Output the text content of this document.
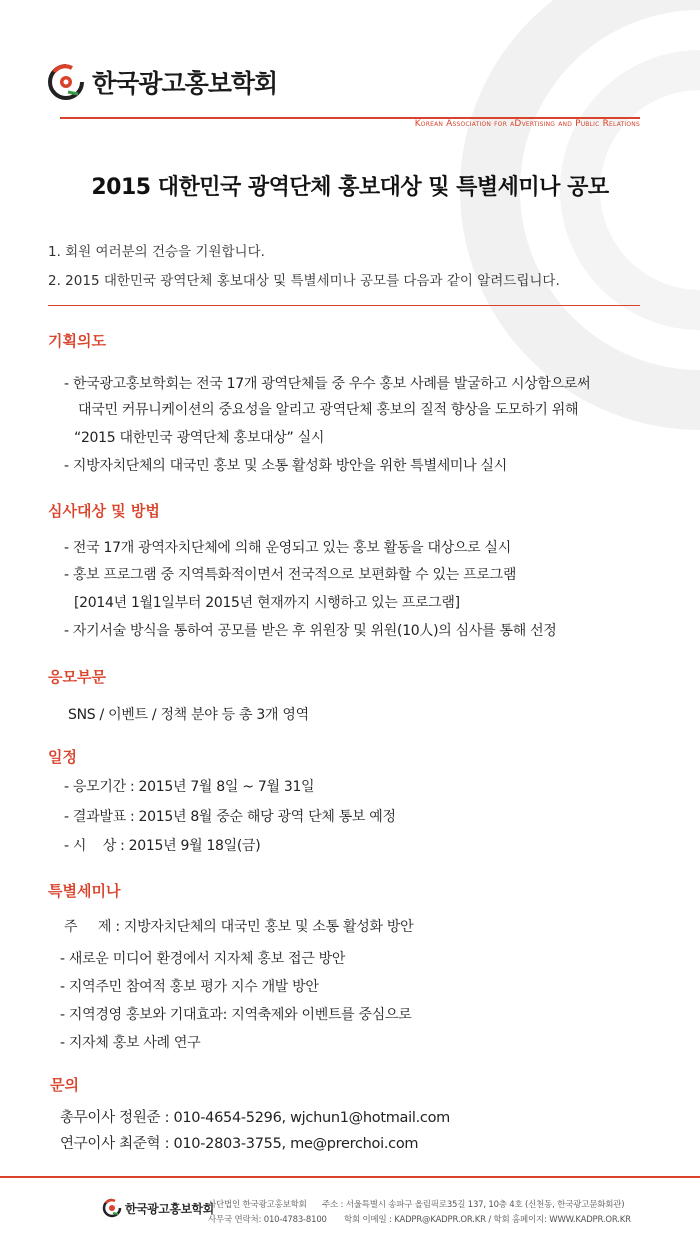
한국광고홍보학회
Korean Association for aDvertising and Public Relations
2015 대한민국 광역단체 홍보대상 및 특별세미나 공모
1. 회원 여러분의 건승을 기원합니다.
2. 2015 대한민국 광역단체 홍보대상 및 특별세미나 공모를 다음과 같이 알려드립니다.
기획의도
- 한국광고홍보학회는 전국 17개 광역단체들 중 우수 홍보 사례를 발굴하고 시상함으로써
대국민 커뮤니케이션의 중요성을 알리고 광역단체 홍보의 질적 향상을 도모하기 위해
“2015 대한민국 광역단체 홍보대상” 실시
- 지방자치단체의 대국민 홍보 및 소통 활성화 방안을 위한 특별세미나 실시
심사대상 및 방법
- 전국 17개 광역자치단체에 의해 운영되고 있는 홍보 활동을 대상으로 실시
- 홍보 프로그램 중 지역특화적이면서 전국적으로 보편화할 수 있는 프로그램
[2014년 1월1일부터 2015년 현재까지 시행하고 있는 프로그램]
- 자기서술 방식을 통하여 공모를 받은 후 위원장 및 위원(10人)의 심사를 통해 선정
응모부문
SNS / 이벤트 / 정책 분야 등 총 3개 영역
일정
- 응모기간 : 2015년 7월 8일 ~ 7월 31일
- 결과발표 : 2015년 8월 중순 해당 광역 단체 통보 예정
- 시    상 : 2015년 9월 18일(금)
특별세미나
주     제 : 지방자치단체의 대국민 홍보 및 소통 활성화 방안
- 새로운 미디어 환경에서 지자체 홍보 접근 방안
- 지역주민 참여적 홍보 평가 지수 개발 방안
- 지역경영 홍보와 기대효과: 지역축제와 이벤트를 중심으로
- 지자체 홍보 사례 연구
문의
총무이사 정원준 : 010-4654-5296, wjchun1@hotmail.com
연구이사 최준혁 : 010-2803-3755, me@prerchoi.com
한국광고홍보학회
사단법인 한국광고홍보학회
사무국 연락처: 010-4783-8100
주소 : 서울특별시 송파구 올림픽로35길 137, 10층 4호 (신천동, 한국광고문화회관)
학회 이메일 : KADPR@KADPR.OR.KR / 학회 홈페이지: WWW.KADPR.OR.KR
